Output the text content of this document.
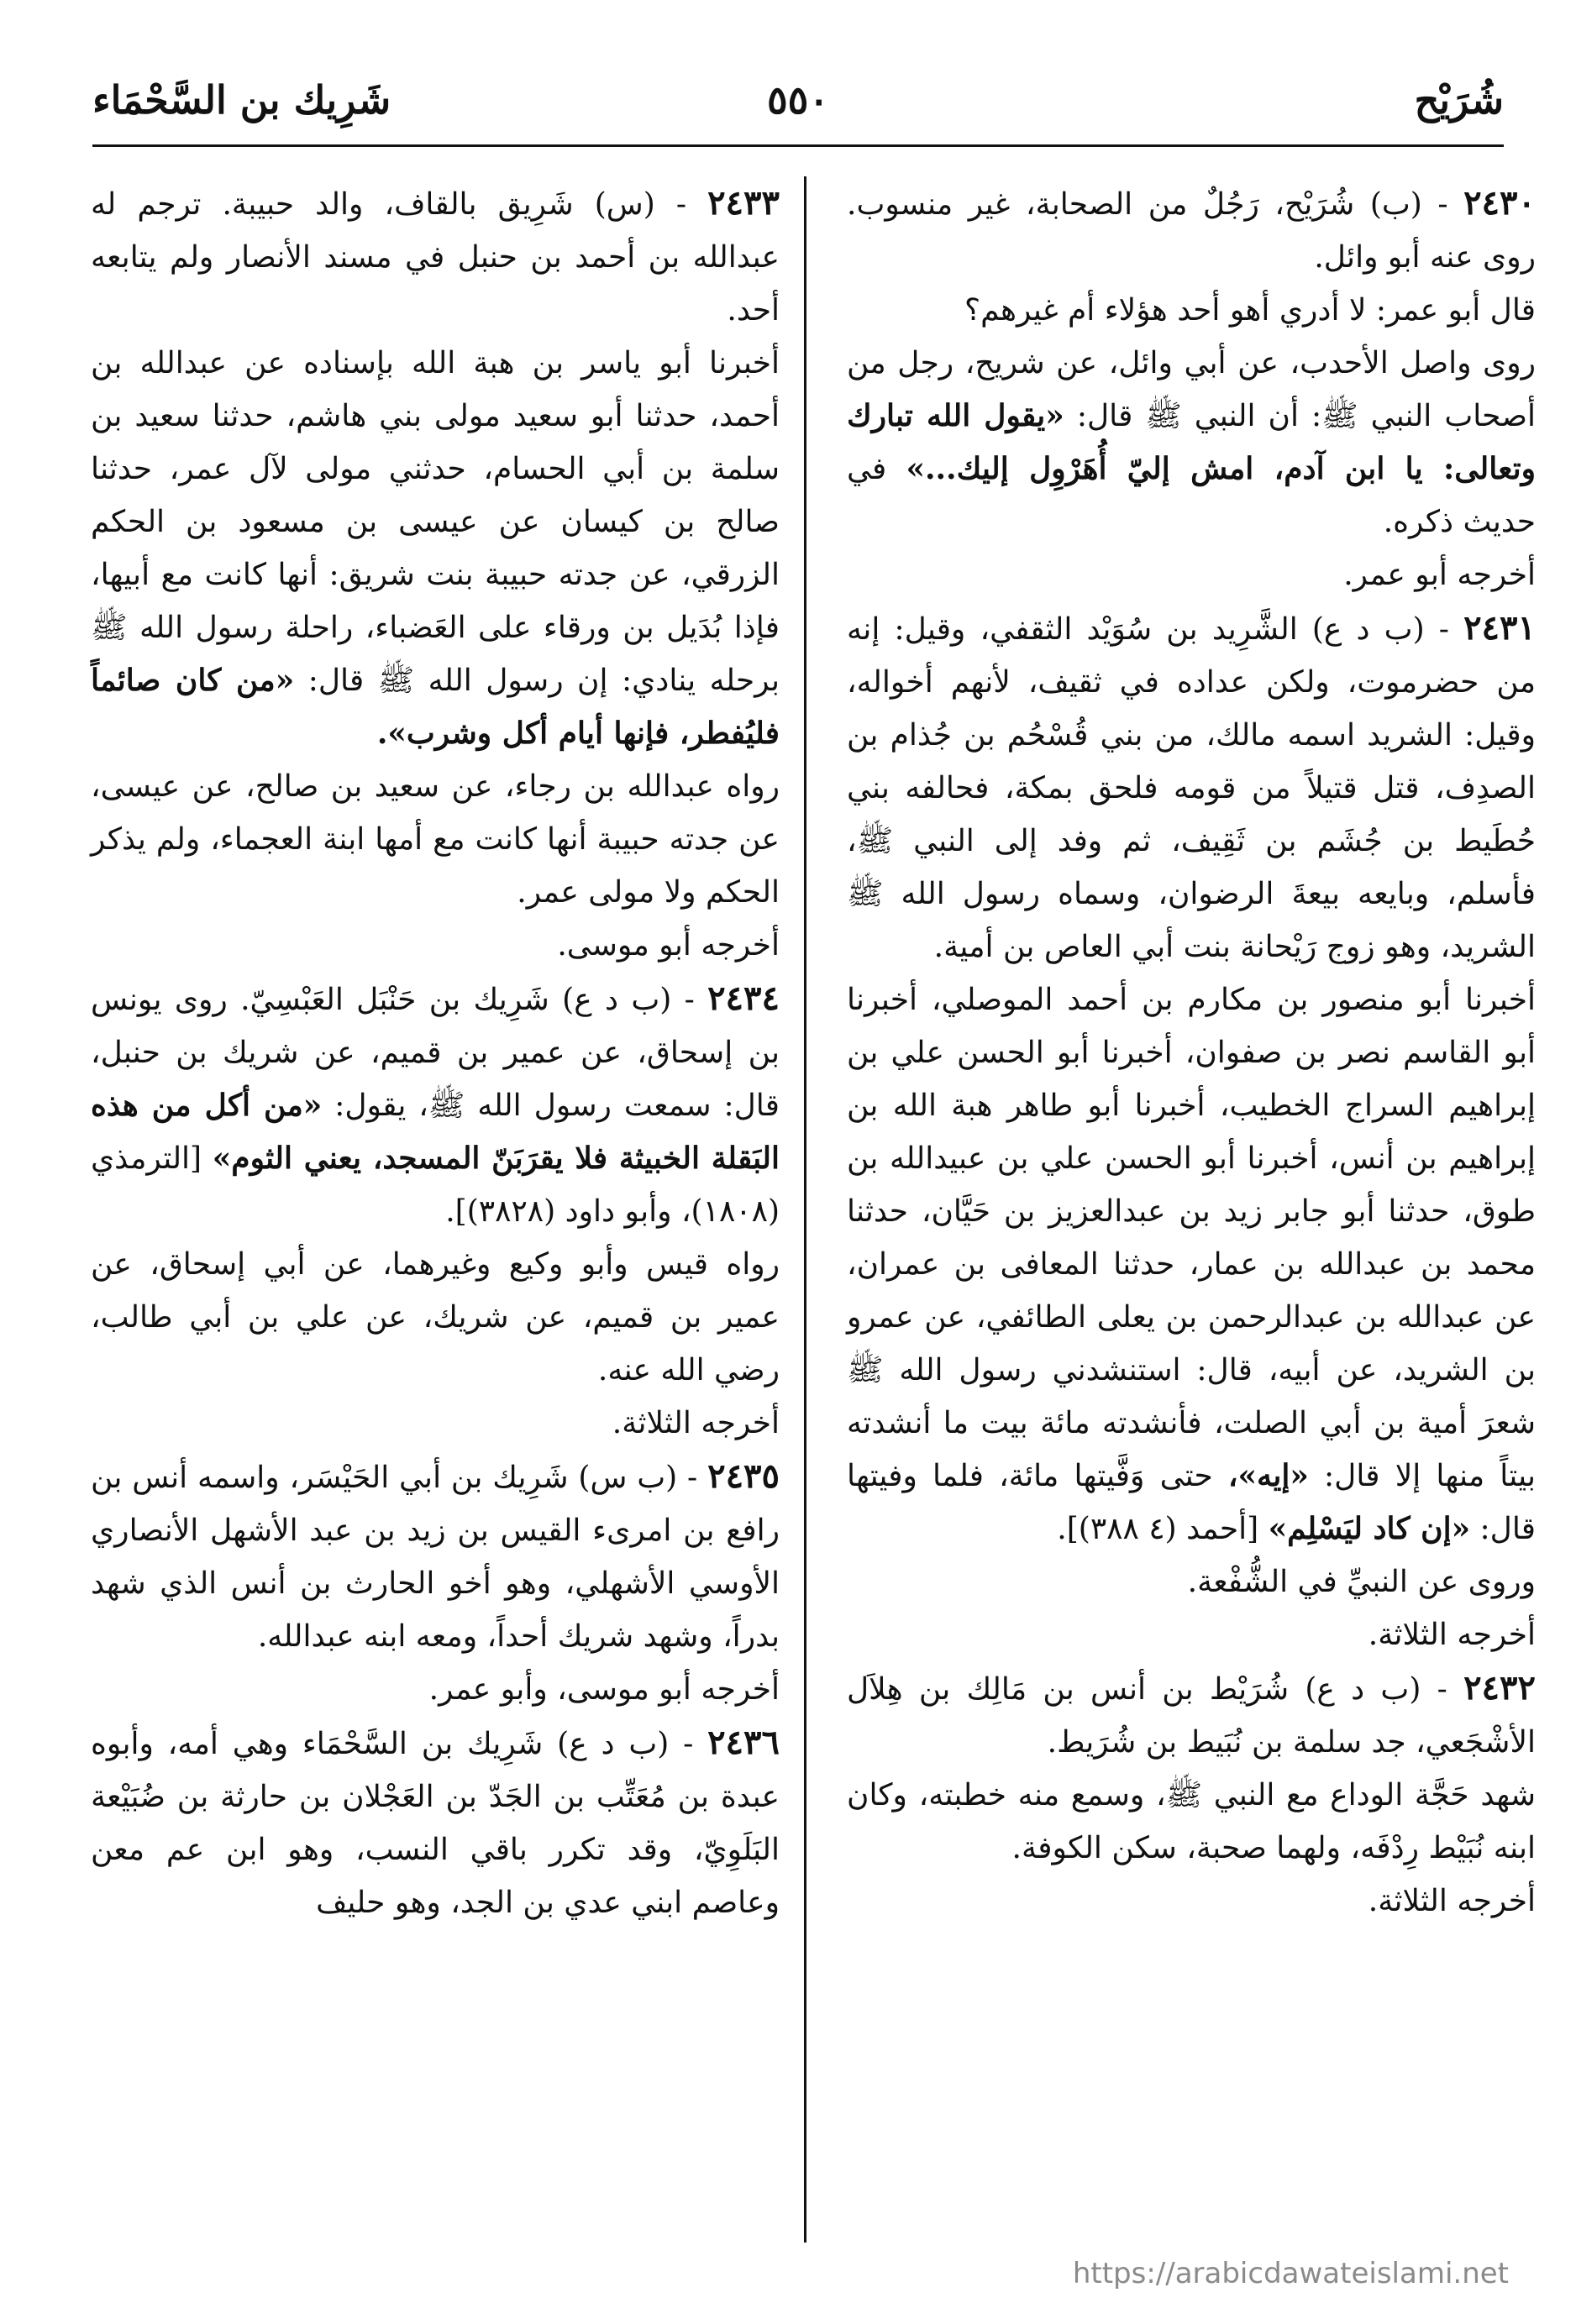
شُرَيْح
٥٥٠
شَرِيك بن السَّحْمَاء

٢٤٣٠ - (ب) شُرَيْح، رَجُلٌ من الصحابة، غير منسوب. روى عنه أبو وائل.

قال أبو عمر: لا أدري أهو أحد هؤلاء أم غيرهم؟

روى واصل الأحدب، عن أبي وائل، عن شريح، رجل من أصحاب النبي ﷺ: أن النبي ﷺ قال: «يقول الله تبارك وتعالى: يا ابن آدم، امش إليّ أُهَرْوِل إليك...» في حديث ذكره.

أخرجه أبو عمر.

٢٤٣١ - (ب د ع) الشَّرِيد بن سُوَيْد الثقفي، وقيل: إنه من حضرموت، ولكن عداده في ثقيف، لأنهم أخواله، وقيل: الشريد اسمه مالك، من بني قُسْحُم بن جُذام بن الصدِف، قتل قتيلاً من قومه فلحق بمكة، فحالفه بني حُطَيط بن جُشَم بن ثَقِيف، ثم وفد إلى النبي ﷺ، فأسلم، وبايعه بيعةَ الرضوان، وسماه رسول الله ﷺ الشريد، وهو زوج رَيْحانة بنت أبي العاص بن أمية.

أخبرنا أبو منصور بن مكارم بن أحمد الموصلي، أخبرنا أبو القاسم نصر بن صفوان، أخبرنا أبو الحسن علي بن إبراهيم السراج الخطيب، أخبرنا أبو طاهر هبة الله بن إبراهيم بن أنس، أخبرنا أبو الحسن علي بن عبيدالله بن طوق، حدثنا أبو جابر زيد بن عبدالعزيز بن حَيَّان، حدثنا محمد بن عبدالله بن عمار، حدثنا المعافى بن عمران، عن عبدالله بن عبدالرحمن بن يعلى الطائفي، عن عمرو بن الشريد، عن أبيه، قال: استنشدني رسول الله ﷺ شعرَ أمية بن أبي الصلت، فأنشدته مائة بيت ما أنشدته بيتاً منها إلا قال: «إيه»، حتى وَفَّيتها مائة، فلما وفيتها قال: «إن كاد ليَسْلِم» [أحمد (٤ ٣٨٨)].

وروى عن النبيِّ في الشُّفْعة.

أخرجه الثلاثة.

٢٤٣٢ - (ب د ع) شُرَيْط بن أنس بن مَالِك بن هِلاَل الأشْجَعي، جد سلمة بن نُبَيط بن شُرَيط.

شهد حَجَّة الوداع مع النبي ﷺ، وسمع منه خطبته، وكان ابنه نُبَيْط رِدْفَه، ولهما صحبة، سكن الكوفة.

أخرجه الثلاثة.

٢٤٣٣ - (س) شَرِيق بالقاف، والد حبيبة. ترجم له عبدالله بن أحمد بن حنبل في مسند الأنصار ولم يتابعه أحد.

أخبرنا أبو ياسر بن هبة الله بإسناده عن عبدالله بن أحمد، حدثنا أبو سعيد مولى بني هاشم، حدثنا سعيد بن سلمة بن أبي الحسام، حدثني مولى لآل عمر، حدثنا صالح بن كيسان عن عيسى بن مسعود بن الحكم الزرقي، عن جدته حبيبة بنت شريق: أنها كانت مع أبيها، فإذا بُدَيل بن ورقاء على العَضباء، راحلة رسول الله ﷺ برحله ينادي: إن رسول الله ﷺ قال: «من كان صائماً فليُفطر، فإنها أيام أكل وشرب».

رواه عبدالله بن رجاء، عن سعيد بن صالح، عن عيسى، عن جدته حبيبة أنها كانت مع أمها ابنة العجماء، ولم يذكر الحكم ولا مولى عمر.

أخرجه أبو موسى.

٢٤٣٤ - (ب د ع) شَرِيك بن حَنْبَل العَبْسِيّ. روى يونس بن إسحاق، عن عمير بن قميم، عن شريك بن حنبل، قال: سمعت رسول الله ﷺ، يقول: «من أكل من هذه البَقلة الخبيثة فلا يقرَبَنّ المسجد، يعني الثوم» [الترمذي (١٨٠٨)، وأبو داود (٣٨٢٨)].

رواه قيس وأبو وكيع وغيرهما، عن أبي إسحاق، عن عمير بن قميم، عن شريك، عن علي بن أبي طالب، رضي الله عنه.

أخرجه الثلاثة.

٢٤٣٥ - (ب س) شَرِيك بن أبي الحَيْسَر، واسمه أنس بن رافع بن امرىء القيس بن زيد بن عبد الأشهل الأنصاري الأوسي الأشهلي، وهو أخو الحارث بن أنس الذي شهد بدراً، وشهد شريك أحداً، ومعه ابنه عبدالله.

أخرجه أبو موسى، وأبو عمر.

٢٤٣٦ - (ب د ع) شَرِيك بن السَّحْمَاء وهي أمه، وأبوه عبدة بن مُعَتِّب بن الجَدّ بن العَجْلان بن حارثة بن ضُبَيْعة البَلَوِيّ، وقد تكرر باقي النسب، وهو ابن عم معن وعاصم ابني عدي بن الجد، وهو حليف

https://arabicdawateislami.net
